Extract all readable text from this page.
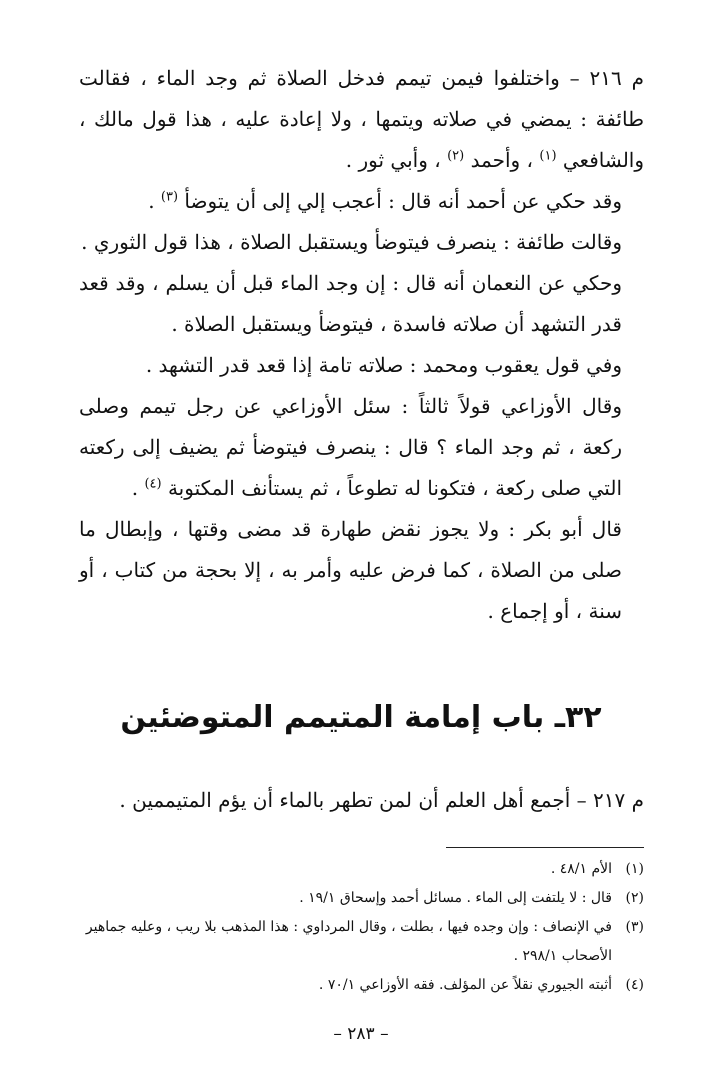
م ٢١٦ – واختلفوا فيمن تيمم فدخل الصلاة ثم وجد الماء ، فقالت طائفة : يمضي في صلاته ويتمها ، ولا إعادة عليه ، هذا قول مالك ، والشافعي $^{(١)}$ ، وأحمد $^{(٢)}$ ، وأبي ثور .

وقد حكي عن أحمد أنه قال : أعجب إلي إلى أن يتوضأ $^{(٣)}$ .

وقالت طائفة : ينصرف فيتوضأ ويستقبل الصلاة ، هذا قول الثوري .

وحكي عن النعمان أنه قال : إن وجد الماء قبل أن يسلم ، وقد قعد قدر التشهد أن صلاته فاسدة ، فيتوضأ ويستقبل الصلاة .

وفي قول يعقوب ومحمد : صلاته تامة إذا قعد قدر التشهد .

وقال الأوزاعي قولاً ثالثاً : سئل الأوزاعي عن رجل تيمم وصلى ركعة ، ثم وجد الماء ؟ قال : ينصرف فيتوضأ ثم يضيف إلى ركعته التي صلى ركعة ، فتكونا له تطوعاً ، ثم يستأنف المكتوبة $^{(٤)}$ .

قال أبو بكر : ولا يجوز نقض طهارة قد مضى وقتها ، وإبطال ما صلى من الصلاة ، كما فرض عليه وأمر به ، إلا بحجة من كتاب ، أو سنة ، أو إجماع .

٣٢ـ باب إمامة المتيمم المتوضئين
م ٢١٧ – أجمع أهل العلم أن لمن تطهر بالماء أن يؤم المتيممين .
(١)
الأم ٤٨/١ .
(٢)
قال : لا يلتفت إلى الماء . مسائل أحمد وإسحاق ١٩/١ .
(٣)
في الإنصاف : وإن وجده فيها ، بطلت ، وقال المرداوي : هذا المذهب بلا ريب ، وعليه جماهير الأصحاب ٢٩٨/١ .
(٤)
أثبته الجيوري نقلاً عن المؤلف. فقه الأوزاعي ٧٠/١ .
– ٢٨٣ –
